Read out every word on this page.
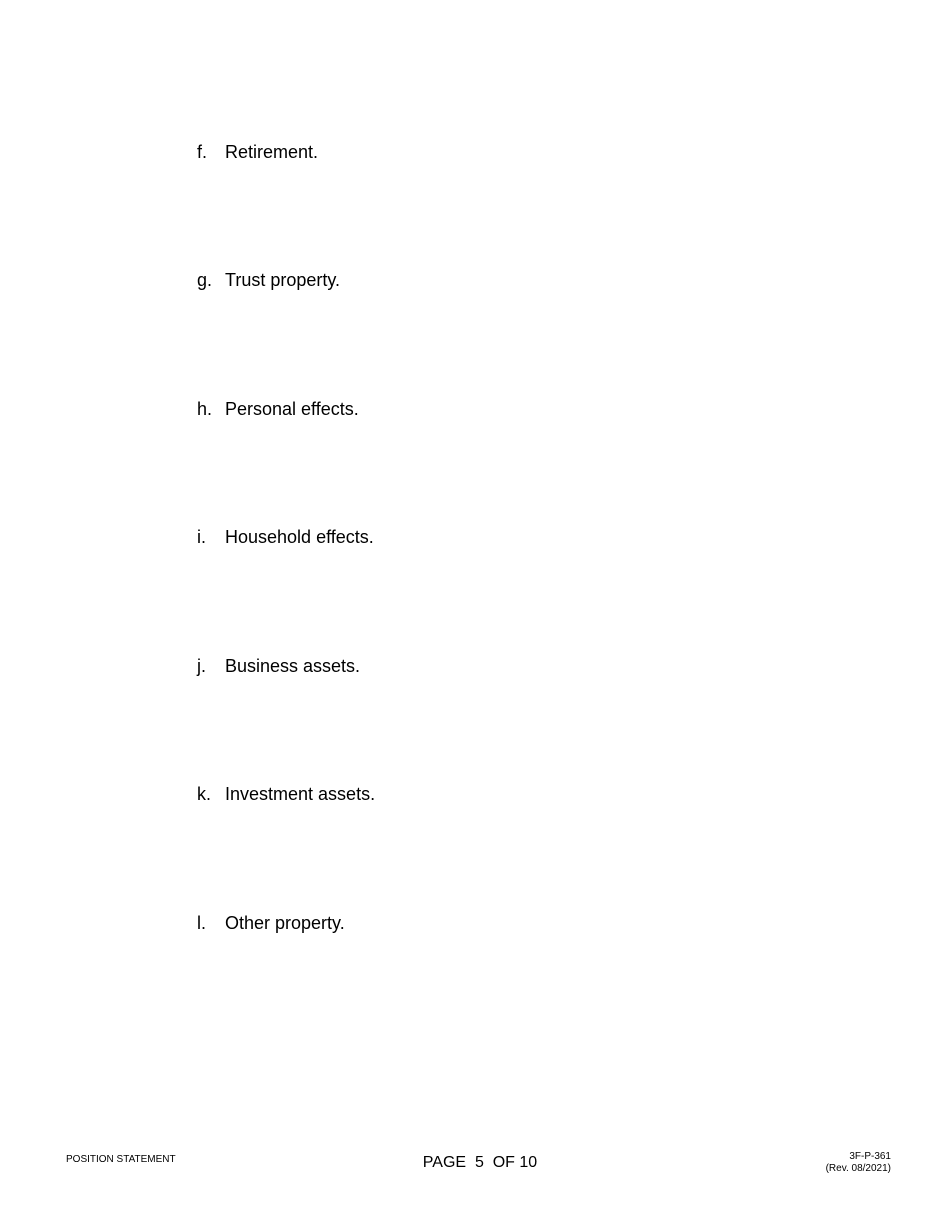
f. Retirement.
g. Trust property.
h. Personal effects.
i.	Household effects.
j.	Business assets.
k. Investment assets.
l.	Other property.
POSITION STATEMENT	PAGE  5  OF 10	3F-P-361
(Rev. 08/2021)
